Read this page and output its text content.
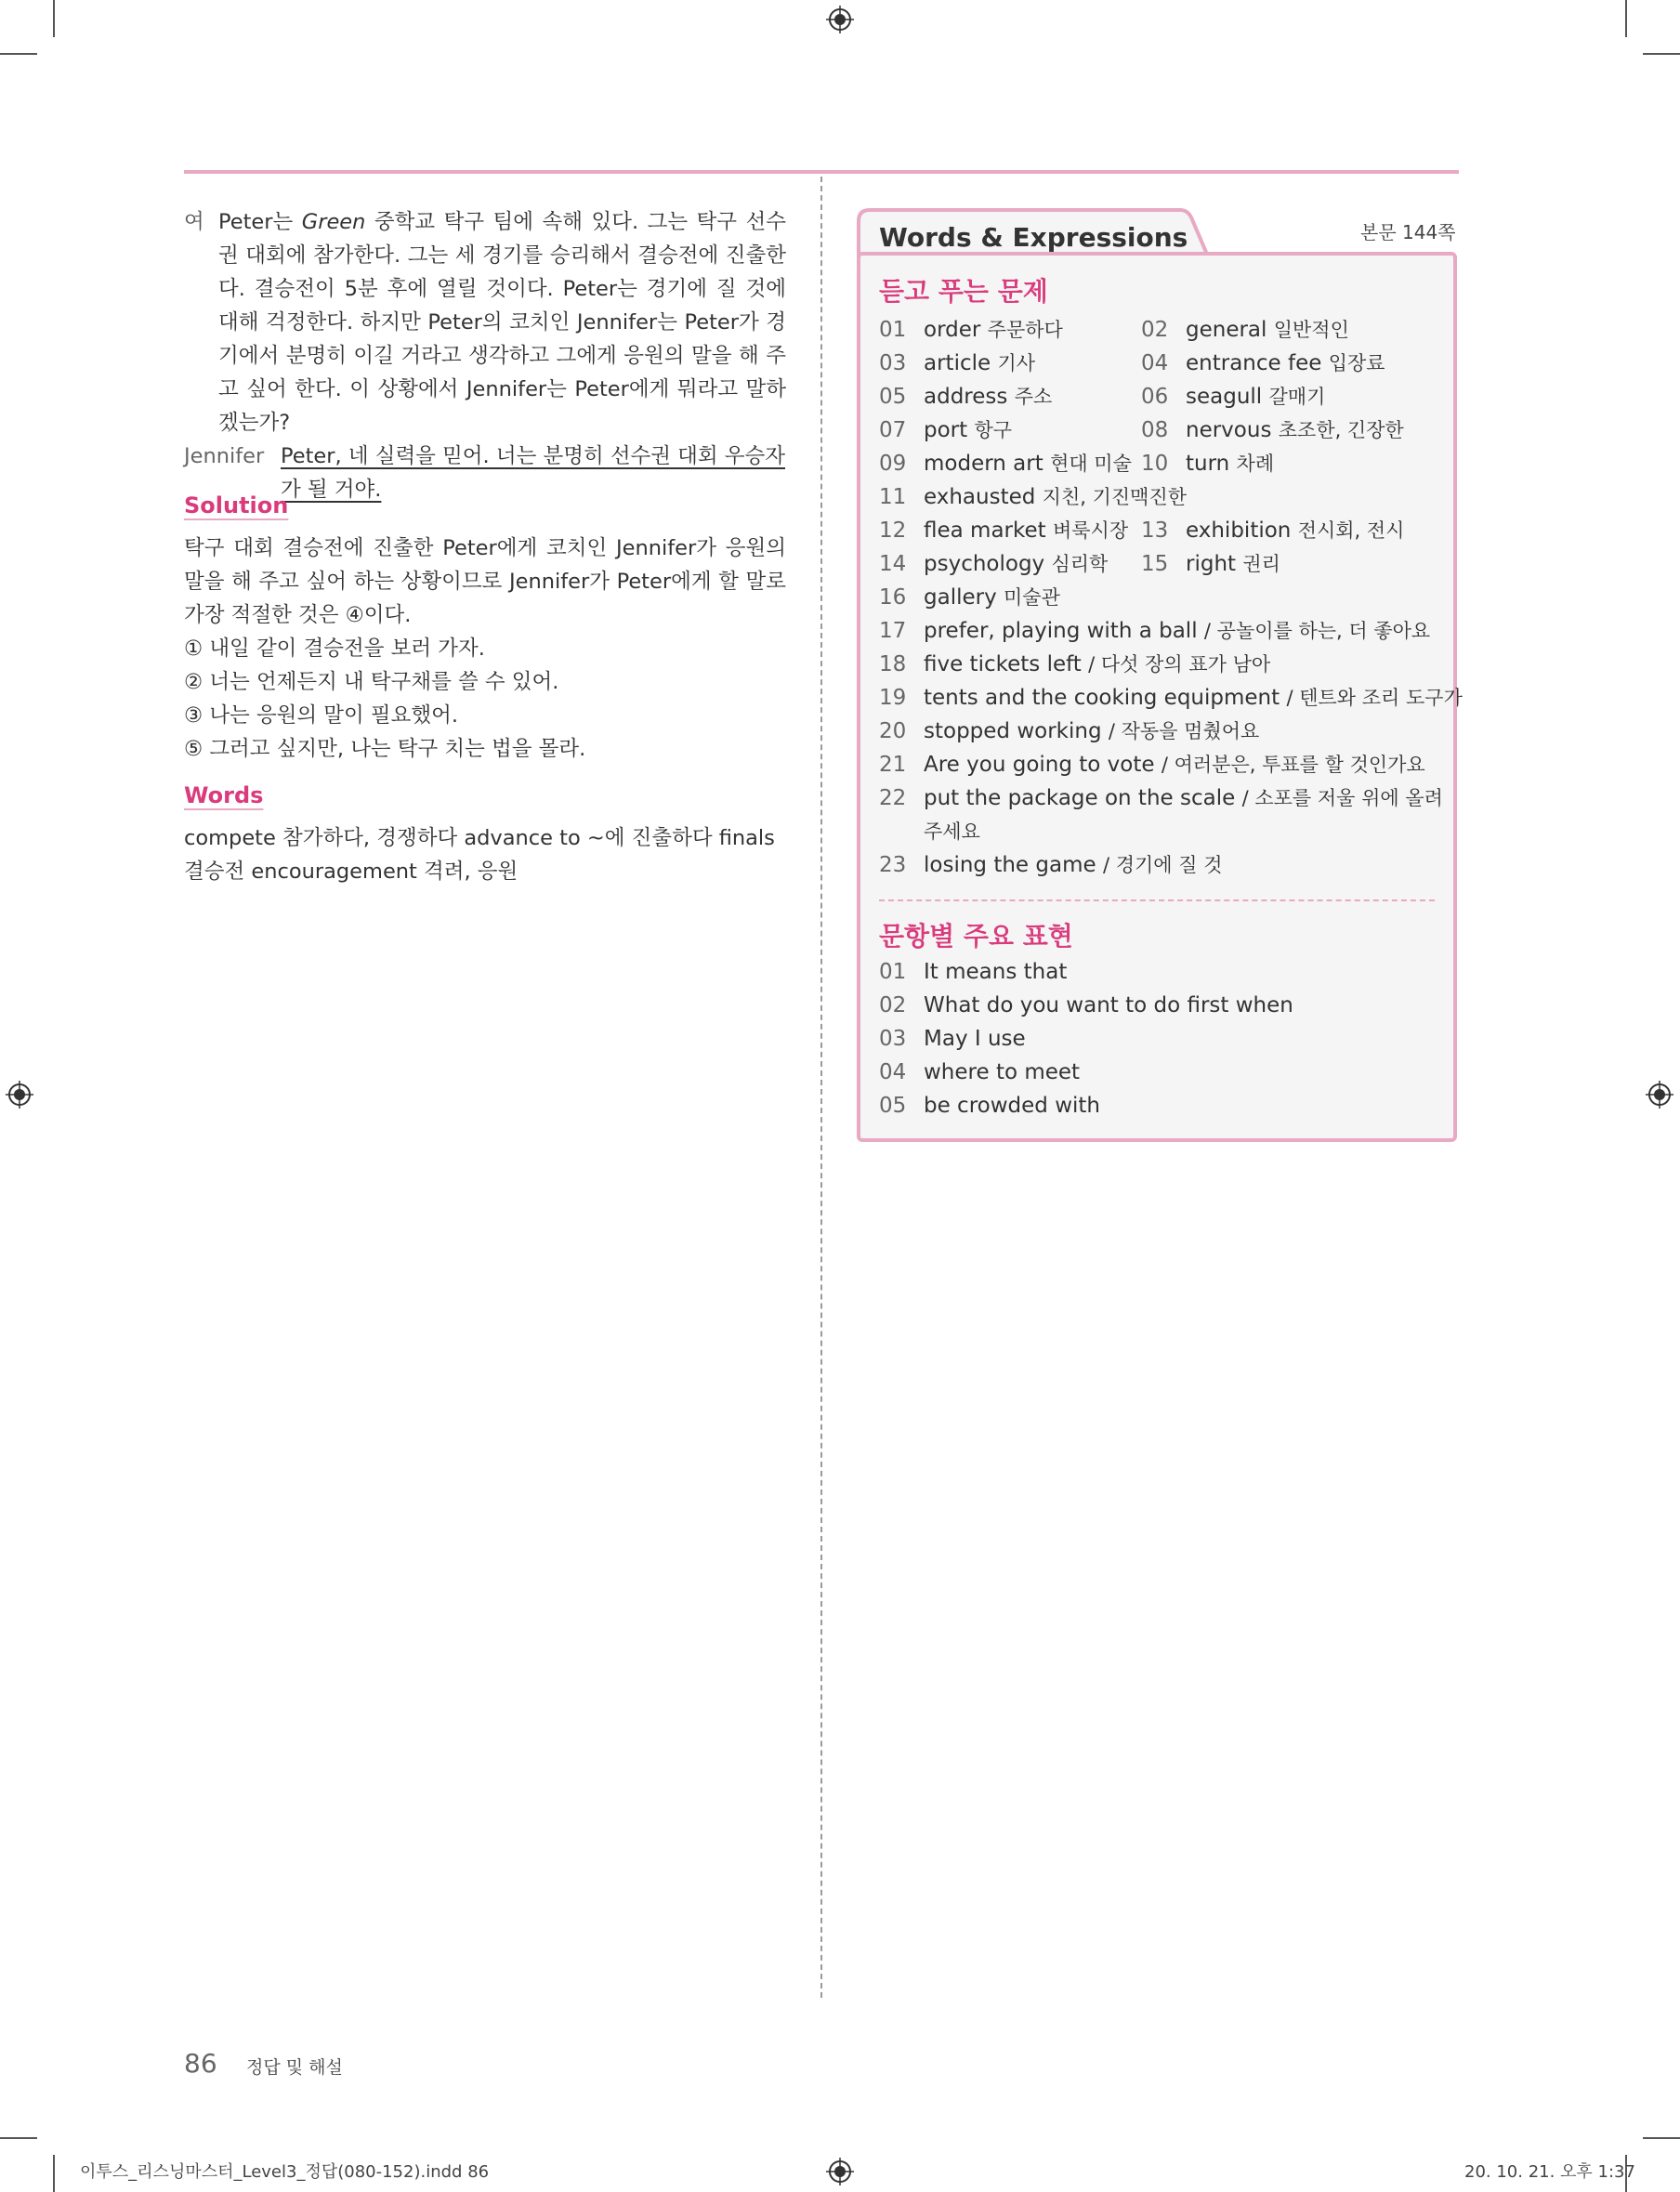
여 Peter는 Green 중학교 탁구 팀에 속해 있다. 그는 탁구 선수권 대회에 참가한다. 그는 세 경기를 승리해서 결승전에 진출한다. 결승전이 5분 후에 열릴 것이다. Peter는 경기에 질 것에 대해 걱정한다. 하지만 Peter의 코치인 Jennifer는 Peter가 경기에서 분명히 이길 거라고 생각하고 그에게 응원의 말을 해 주고 싶어 한다. 이 상황에서 Jennifer는 Peter에게 뭐라고 말하겠는가?
Jennifer Peter, 네 실력을 믿어. 너는 분명히 선수권 대회 우승자가 될 거야.
Solution
탁구 대회 결승전에 진출한 Peter에게 코치인 Jennifer가 응원의 말을 해 주고 싶어 하는 상황이므로 Jennifer가 Peter에게 할 말로 가장 적절한 것은 ④이다.
① 내일 같이 결승전을 보러 가자.
② 너는 언제든지 내 탁구채를 쓸 수 있어.
③ 나는 응원의 말이 필요했어.
⑤ 그러고 싶지만, 나는 탁구 치는 법을 몰라.
Words
compete 참가하다, 경쟁하다 advance to ~에 진출하다 finals 결승전 encouragement 격려, 응원
Words & Expressions	본문 144쪽
듣고 푸는 문제
01 order 주문하다	02 general 일반적인
03 article 기사	04 entrance fee 입장료
05 address 주소	06 seagull 갈매기
07 port 항구	08 nervous 초조한, 긴장한
09 modern art 현대 미술 10 turn 차례
11 exhausted 지친, 기진맥진한
12 flea market 벼룩시장 13 exhibition 전시회, 전시
14 psychology 심리학 15 right 권리
16 gallery 미술관
17 prefer, playing with a ball / 공놀이를 하는, 더 좋아요
18 five tickets left / 다섯 장의 표가 남아
19 tents and the cooking equipment / 텐트와 조리 도구가
20 stopped working / 작동을 멈췄어요
21 Are you going to vote / 여러분은, 투표를 할 것인가요
22 put the package on the scale / 소포를 저울 위에 올려
주세요
23 losing the game / 경기에 질 것
문항별 주요 표현
01 It means that
02 What do you want to do first when
03 May I use
04 where to meet
05 be crowded with
86 정답 및 해설
이투스_리스닝마스터_Level3_정답(080-152).indd 86	20. 10. 21. 오후 1:37
